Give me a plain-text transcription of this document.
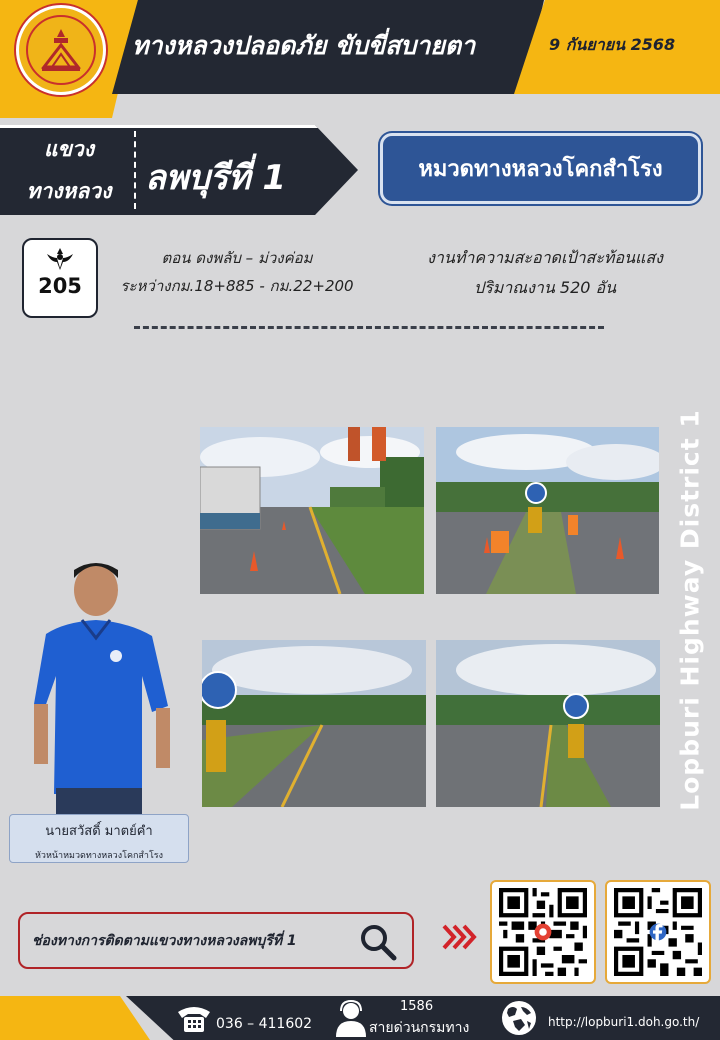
ทางหลวงปลอดภัย ขับขี่สบายตา	9 กันยายน 2568
แขวง
ทางหลวง ลพบุรีที่ 1	หมวดทางหลวงโคกสำโรง
205
ตอน ดงพลับ – ม่วงค่อม
ระหว่างกม.18+885 - กม.22+200
งานทำความสะอาดเป้าสะท้อนแสง
ปริมาณงาน 520 อัน
Lopburi Highway District 1
นายสวัสดิ์ มาตย์คำ
หัวหน้าหมวดทางหลวงโคกสำโรง
ช่องทางการติดตามแขวงทางหลวงลพบุรีที่ 1
036 – 411602
1586
สายด่วนกรมทาง	http://lopburi1.doh.go.th/
